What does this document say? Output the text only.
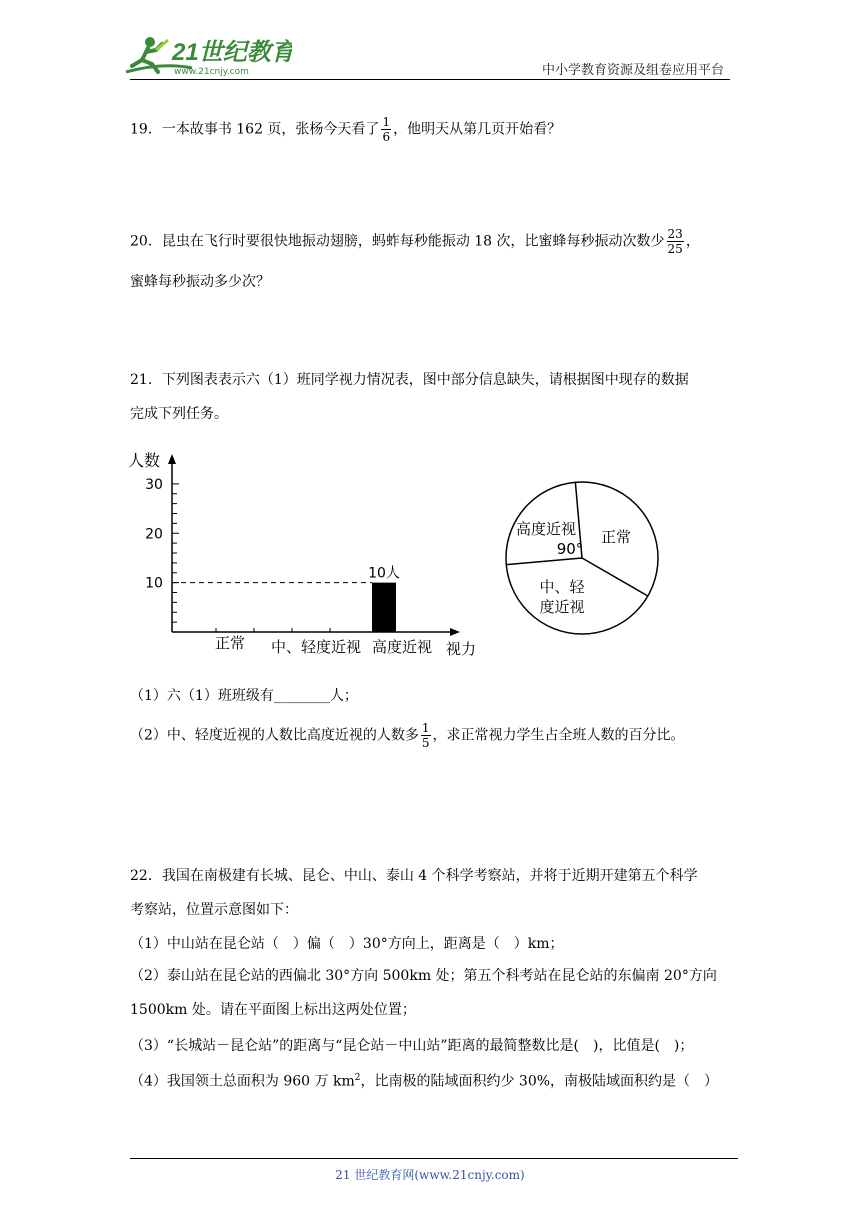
21世纪教育
www.21cnjy.com	中小学教育资源及组卷应用平台
19．一本故事书 162 页，张杨今天看了 $\frac{1}{6}$ ，他明天从第几页开始看？
20．昆虫在飞行时要很快地振动翅膀，蚂蚱每秒能振动 18 次，比蜜蜂每秒振动次数少 $\frac{23}{25}$ ，
蜜蜂每秒振动多少次？
21．下列图表表示六（1）班同学视力情况表，图中部分信息缺失，请根据图中现存的数据
完成下列任务。
10
20
30
人数
视力
正常 中、轻度近视 高度近视
10人
正常
中、轻
度近视
高度近视
90°
（1）六（1）班班级有________人；
（2）中、轻度近视的人数比高度近视的人数多 $\frac{1}{5}$ ，求正常视力学生占全班人数的百分比。
22．我国在南极建有长城、昆仑、中山、泰山 4 个科学考察站，并将于近期开建第五个科学
考察站，位置示意图如下：
（1）中山站在昆仑站（　）偏（　）30°方向上，距离是（　）km；
（2）泰山站在昆仑站的西偏北 30°方向 500km 处；第五个科考站在昆仑站的东偏南 20°方向
1500km 处。请在平面图上标出这两处位置；
（3）“长城站－昆仑站”的距离与“昆仑站－中山站”距离的最简整数比是(　)，比值是(　)；
（4）我国领土总面积为 960 万 $km^2$，比南极的陆域面积约少 30%，南极陆域面积约是（　）
21 世纪教育网(www.21cnjy.com)
